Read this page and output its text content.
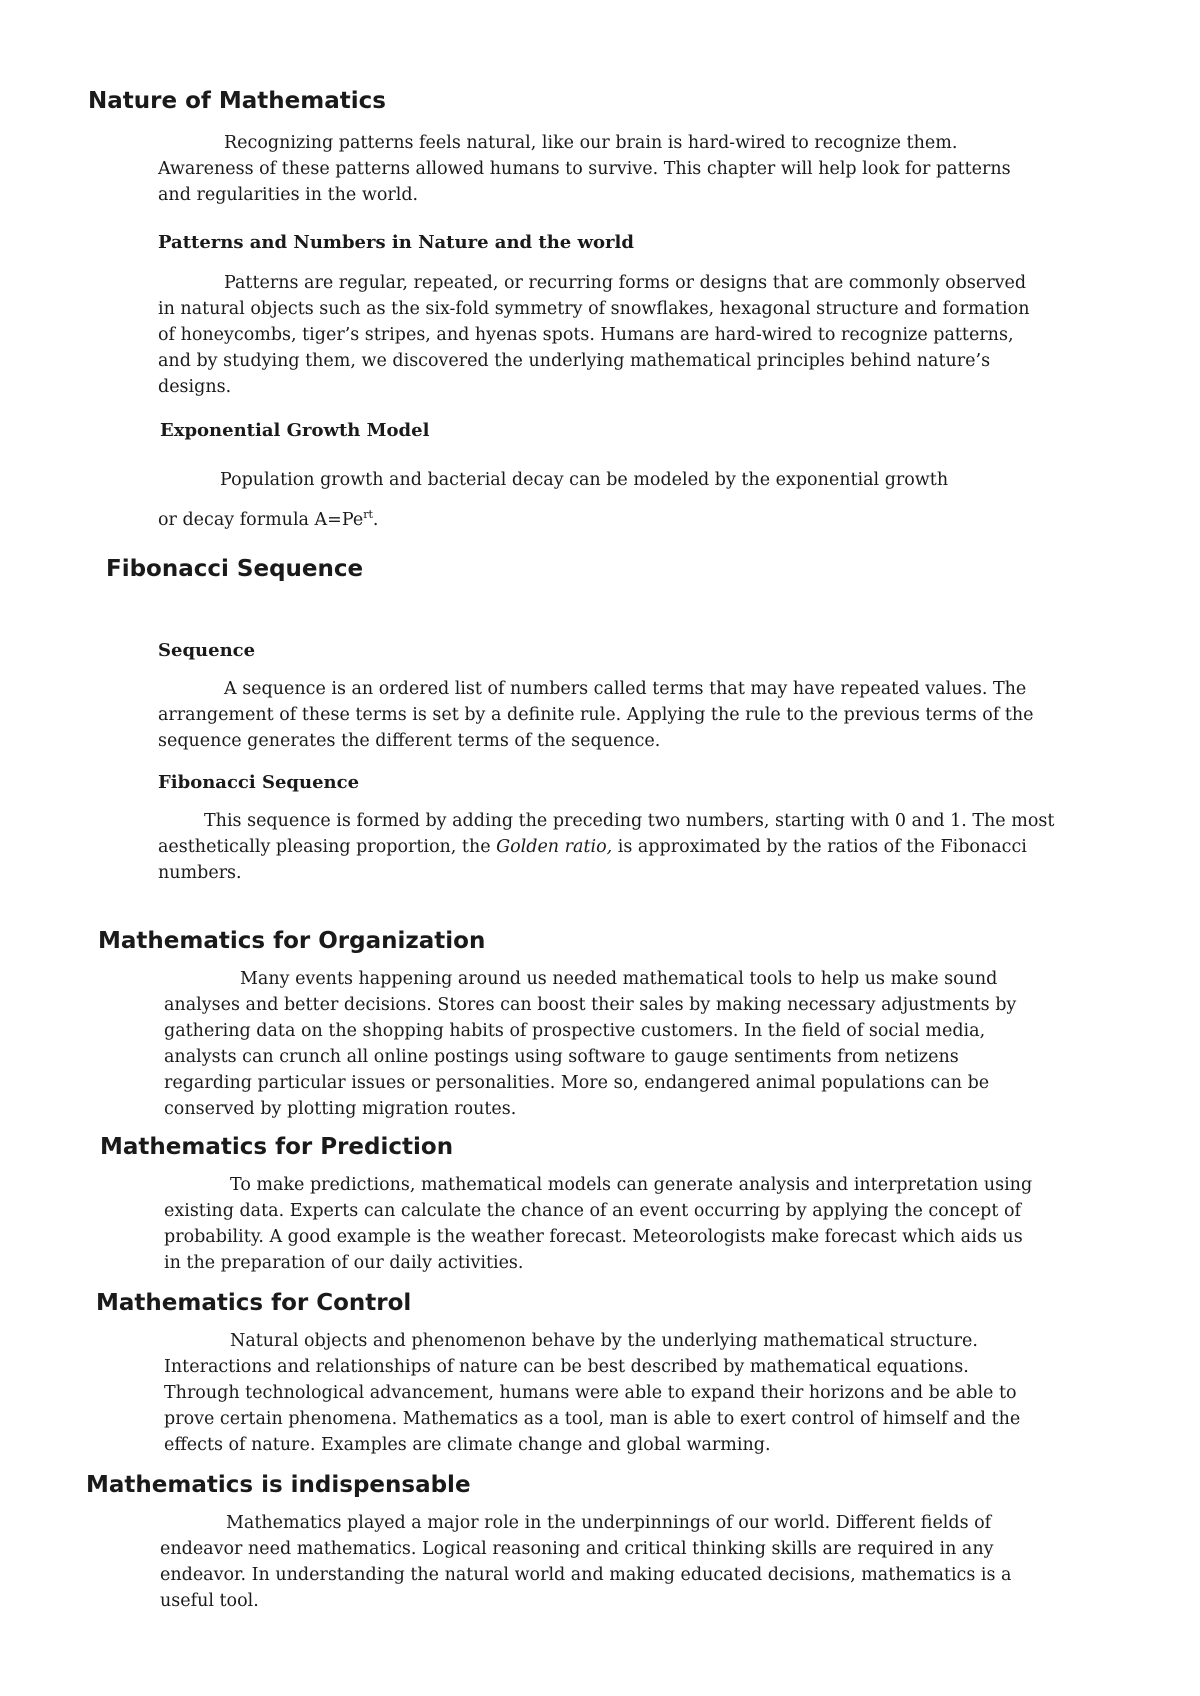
Nature of Mathematics

Recognizing patterns feels natural, like our brain is hard-wired to recognize them. Awareness of these patterns allowed humans to survive. This chapter will help look for patterns and regularities in the world.

Patterns and Numbers in Nature and the world

Patterns are regular, repeated, or recurring forms or designs that are commonly observed in natural objects such as the six-fold symmetry of snowflakes, hexagonal structure and formation of honeycombs, tiger’s stripes, and hyenas spots. Humans are hard-wired to recognize patterns, and by studying them, we discovered the underlying mathematical principles behind nature’s designs.

Exponential Growth Model

Population growth and bacterial decay can be modeled by the exponential growth
or decay formula $A=Pe^{rt}$.

Fibonacci Sequence
Sequence

A sequence is an ordered list of numbers called terms that may have repeated values. The arrangement of these terms is set by a definite rule. Applying the rule to the previous terms of the sequence generates the different terms of the sequence.

Fibonacci Sequence

This sequence is formed by adding the preceding two numbers, starting with 0 and 1. The most aesthetically pleasing proportion, the Golden ratio, is approximated by the ratios of the Fibonacci numbers.

Mathematics for Organization

Many events happening around us needed mathematical tools to help us make sound analyses and better decisions. Stores can boost their sales by making necessary adjustments by gathering data on the shopping habits of prospective customers. In the field of social media, analysts can crunch all online postings using software to gauge sentiments from netizens regarding particular issues or personalities. More so, endangered animal populations can be conserved by plotting migration routes.

Mathematics for Prediction

To make predictions, mathematical models can generate analysis and interpretation using existing data. Experts can calculate the chance of an event occurring by applying the concept of probability. A good example is the weather forecast. Meteorologists make forecast which aids us in the preparation of our daily activities.

Mathematics for Control

Natural objects and phenomenon behave by the underlying mathematical structure. Interactions and relationships of nature can be best described by mathematical equations. Through technological advancement, humans were able to expand their horizons and be able to prove certain phenomena. Mathematics as a tool, man is able to exert control of himself and the effects of nature. Examples are climate change and global warming.

Mathematics is indispensable

Mathematics played a major role in the underpinnings of our world. Different fields of endeavor need mathematics. Logical reasoning and critical thinking skills are required in any endeavor. In understanding the natural world and making educated decisions, mathematics is a useful tool.
